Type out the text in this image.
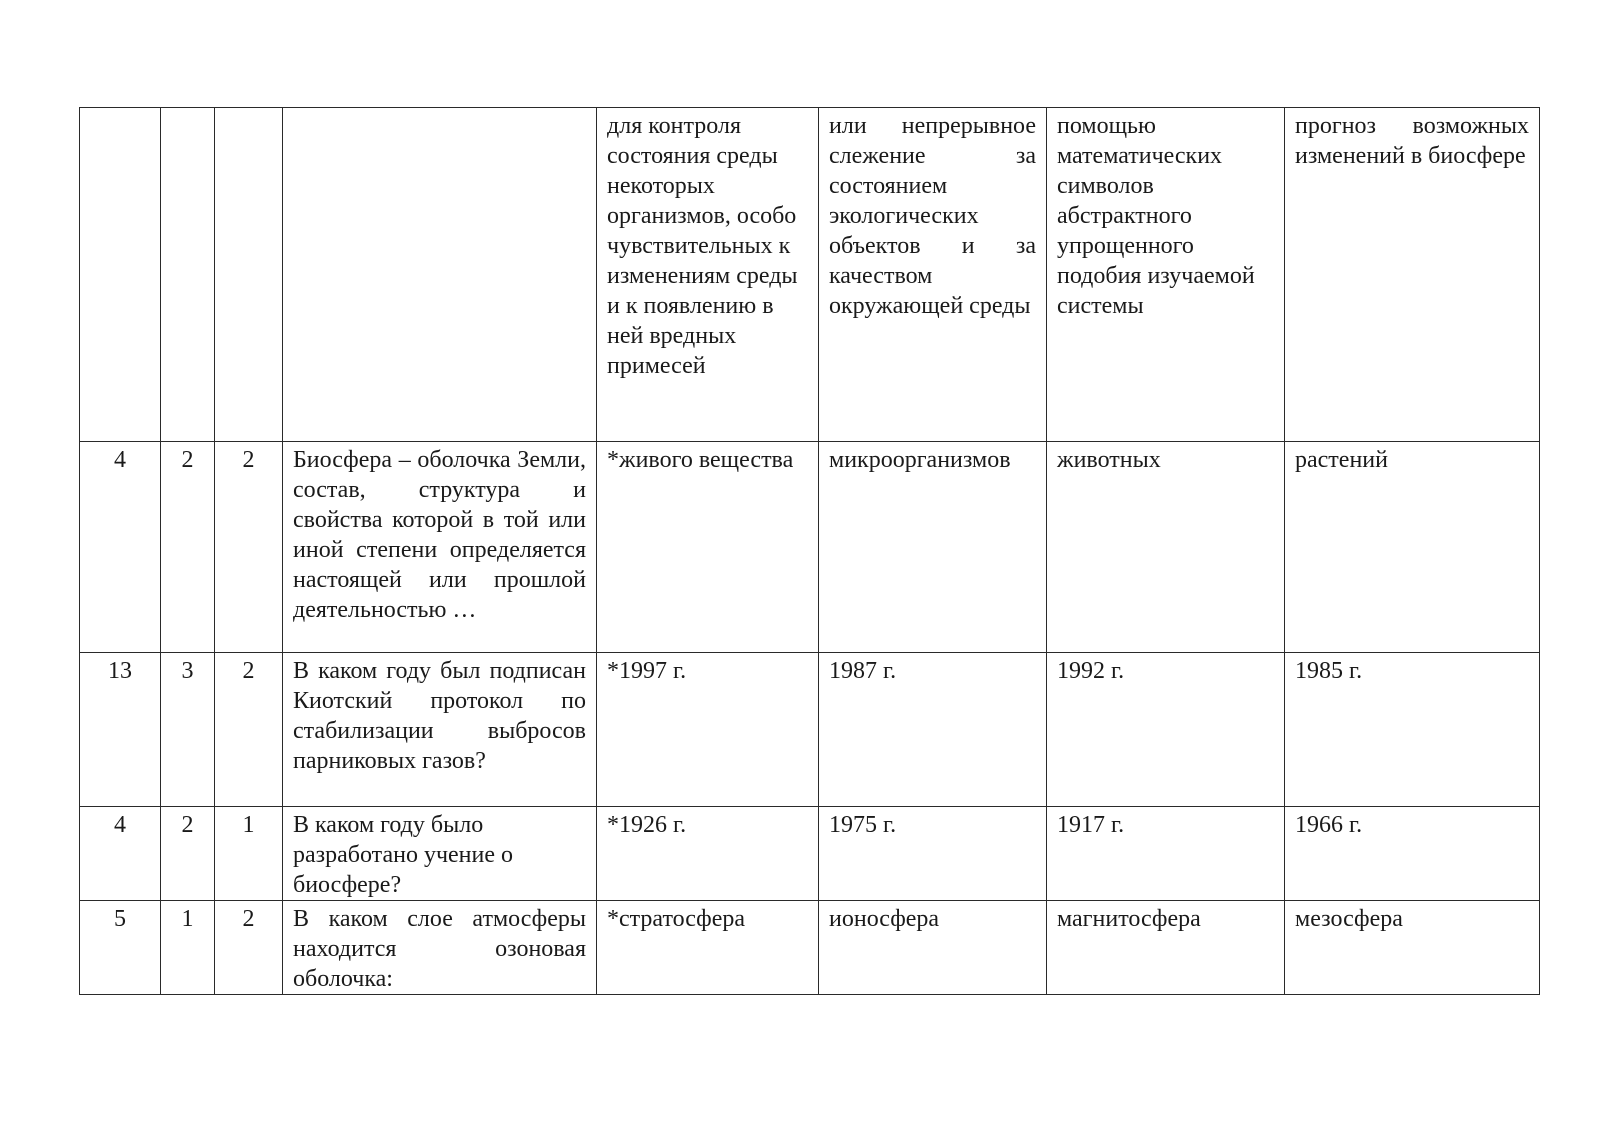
				для контроля состояния среды некоторых организмов, особо чувствительных к изменениям среды и к появлению в ней вредных примесей	или непрерывное слежение за состоянием экологических объектов и за качеством окружающей среды	помощью математических символов абстрактного упрощенного подобия изучаемой системы	прогноз возможных изменений в биосфере
4	2	2	Биосфера – оболочка Земли, состав, структура и свойства которой в той или иной степени определяется настоящей или прошлой деятельностью …	*живого вещества	микроорганизмов	животных	растений
13	3	2	В каком году был подписан Киотский протокол по стабилизации выбросов парниковых газов?	*1997 г.	1987 г.	1992 г.	1985 г.
4	2	1	В каком году было разработано учение о биосфере?	*1926 г.	1975 г.	1917 г.	1966 г.
5	1	2	В каком слое атмосферы находится озоновая оболочка:	*стратосфера	ионосфера	магнитосфера	мезосфера
